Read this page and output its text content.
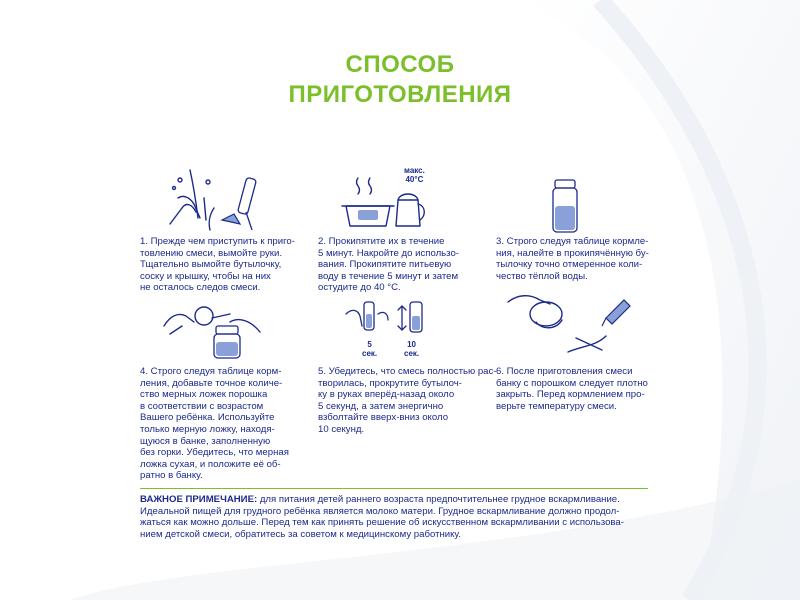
СПОСОБ
ПРИГОТОВЛЕНИЯ
макс.
40°С
5
сек.
10
сек.
1. Прежде чем приступить к приго-
товлению смеси, вымойте руки.
Тщательно вымойте бутылочку,
соску и крышку, чтобы на них
не осталось следов смеси.
2. Прокипятите их в течение
5 минут. Накройте до использо-
вания. Прокипятите питьевую
воду в течение 5 минут и затем
остудите до 40 °С.
3. Строго следуя таблице кормле-
ния, налейте в прокипячённую бу-
тылочку точно отмеренное коли-
чество тёплой воды.
4. Строго следуя таблице корм-
ления, добавьте точное количе-
ство мерных ложек порошка
в соответствии с возрастом
Вашего ребёнка. Используйте
только мерную ложку, находя-
щуюся в банке, заполненную
без горки. Убедитесь, что мерная
ложка сухая, и положите её об-
ратно в банку.
5. Убедитесь, что смесь полностью рас-
творилась, прокрутите бутылоч-
ку в руках вперёд-назад около
5 секунд, а затем энергично
взболтайте вверх-вниз около
10 секунд.
6. После приготовления смеси
банку с порошком следует плотно
закрыть. Перед кормлением про-
верьте температуру смеси.
ВАЖНОЕ ПРИМЕЧАНИЕ: для питания детей раннего возраста предпочтительнее грудное вскармливание.
Идеальной пищей для грудного ребёнка является молоко матери. Грудное вскармливание должно продол-
жаться как можно дольше. Перед тем как принять решение об искусственном вскармливании с использова-
нием детской смеси, обратитесь за советом к медицинскому работнику.
